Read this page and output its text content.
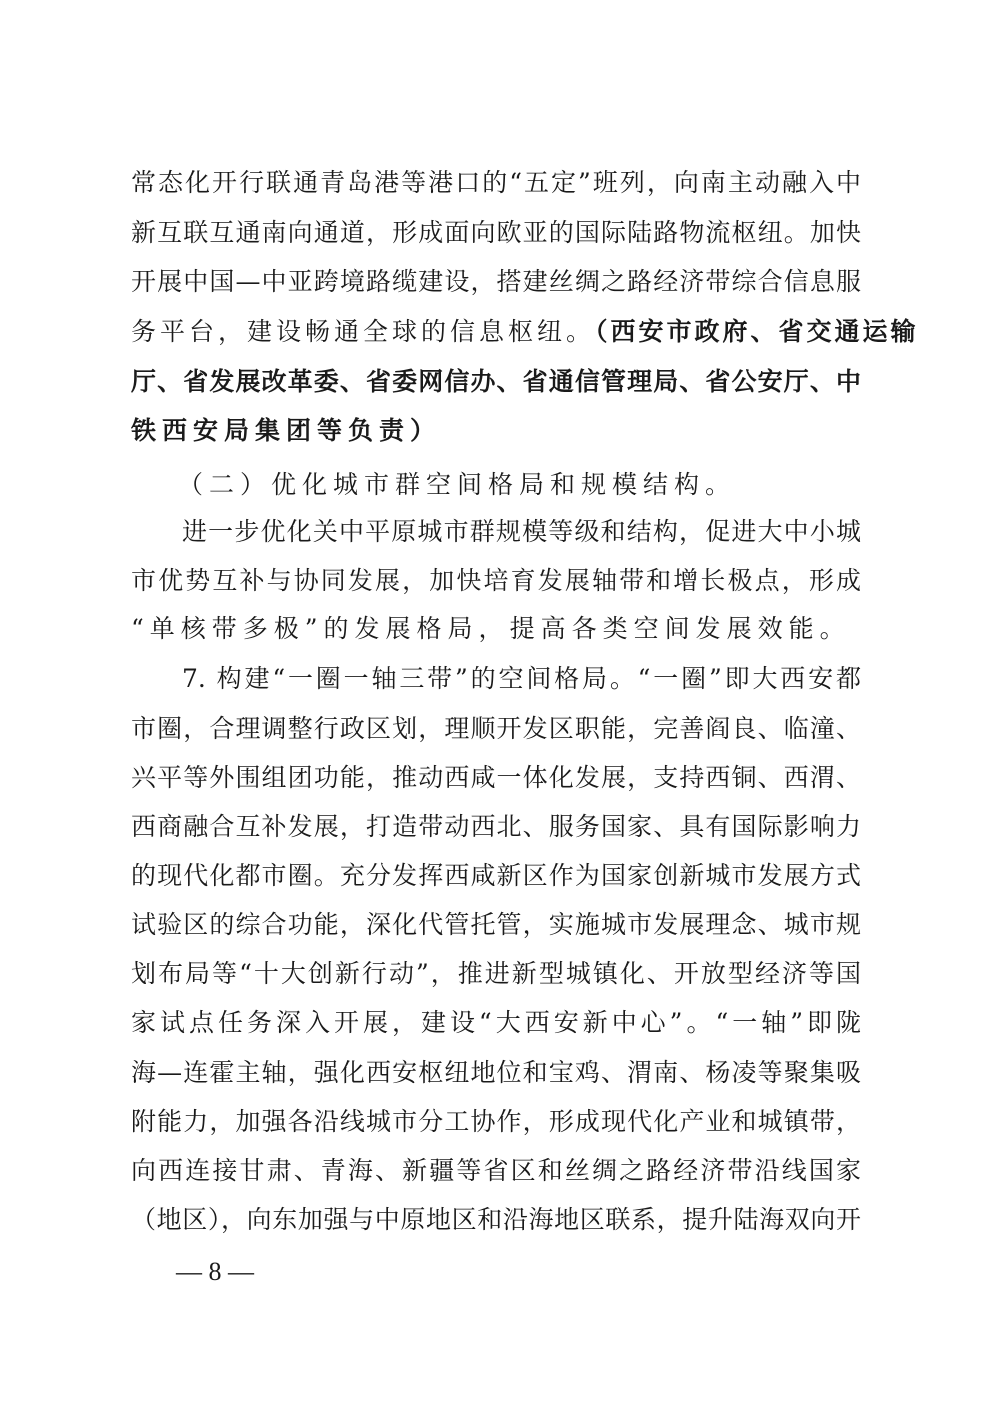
常态化开行联通青岛港等港口的“五定”班列，向南主动融入中
新互联互通南向通道，形成面向欧亚的国际陆路物流枢纽。加快
开展中国—中亚跨境路缆建设，搭建丝绸之路经济带综合信息服
务平台，建设畅通全球的信息枢纽。（西安市政府、省交通运输
厅、省发展改革委、省委网信办、省通信管理局、省公安厅、中
铁西安局集团等负责）
（二）优化城市群空间格局和规模结构。
进一步优化关中平原城市群规模等级和结构，促进大中小城
市优势互补与协同发展，加快培育发展轴带和增长极点，形成
“单核带多极”的发展格局，提高各类空间发展效能。
7. 构建“一圈一轴三带”的空间格局。“一圈”即大西安都
市圈，合理调整行政区划，理顺开发区职能，完善阎良、临潼、
兴平等外围组团功能，推动西咸一体化发展，支持西铜、西渭、
西商融合互补发展，打造带动西北、服务国家、具有国际影响力
的现代化都市圈。充分发挥西咸新区作为国家创新城市发展方式
试验区的综合功能，深化代管托管，实施城市发展理念、城市规
划布局等“十大创新行动”，推进新型城镇化、开放型经济等国
家试点任务深入开展，建设“大西安新中心”。“一轴”即陇
海—连霍主轴，强化西安枢纽地位和宝鸡、渭南、杨凌等聚集吸
附能力，加强各沿线城市分工协作，形成现代化产业和城镇带，
向西连接甘肃、青海、新疆等省区和丝绸之路经济带沿线国家
（地区），向东加强与中原地区和沿海地区联系，提升陆海双向开
— 8 —
